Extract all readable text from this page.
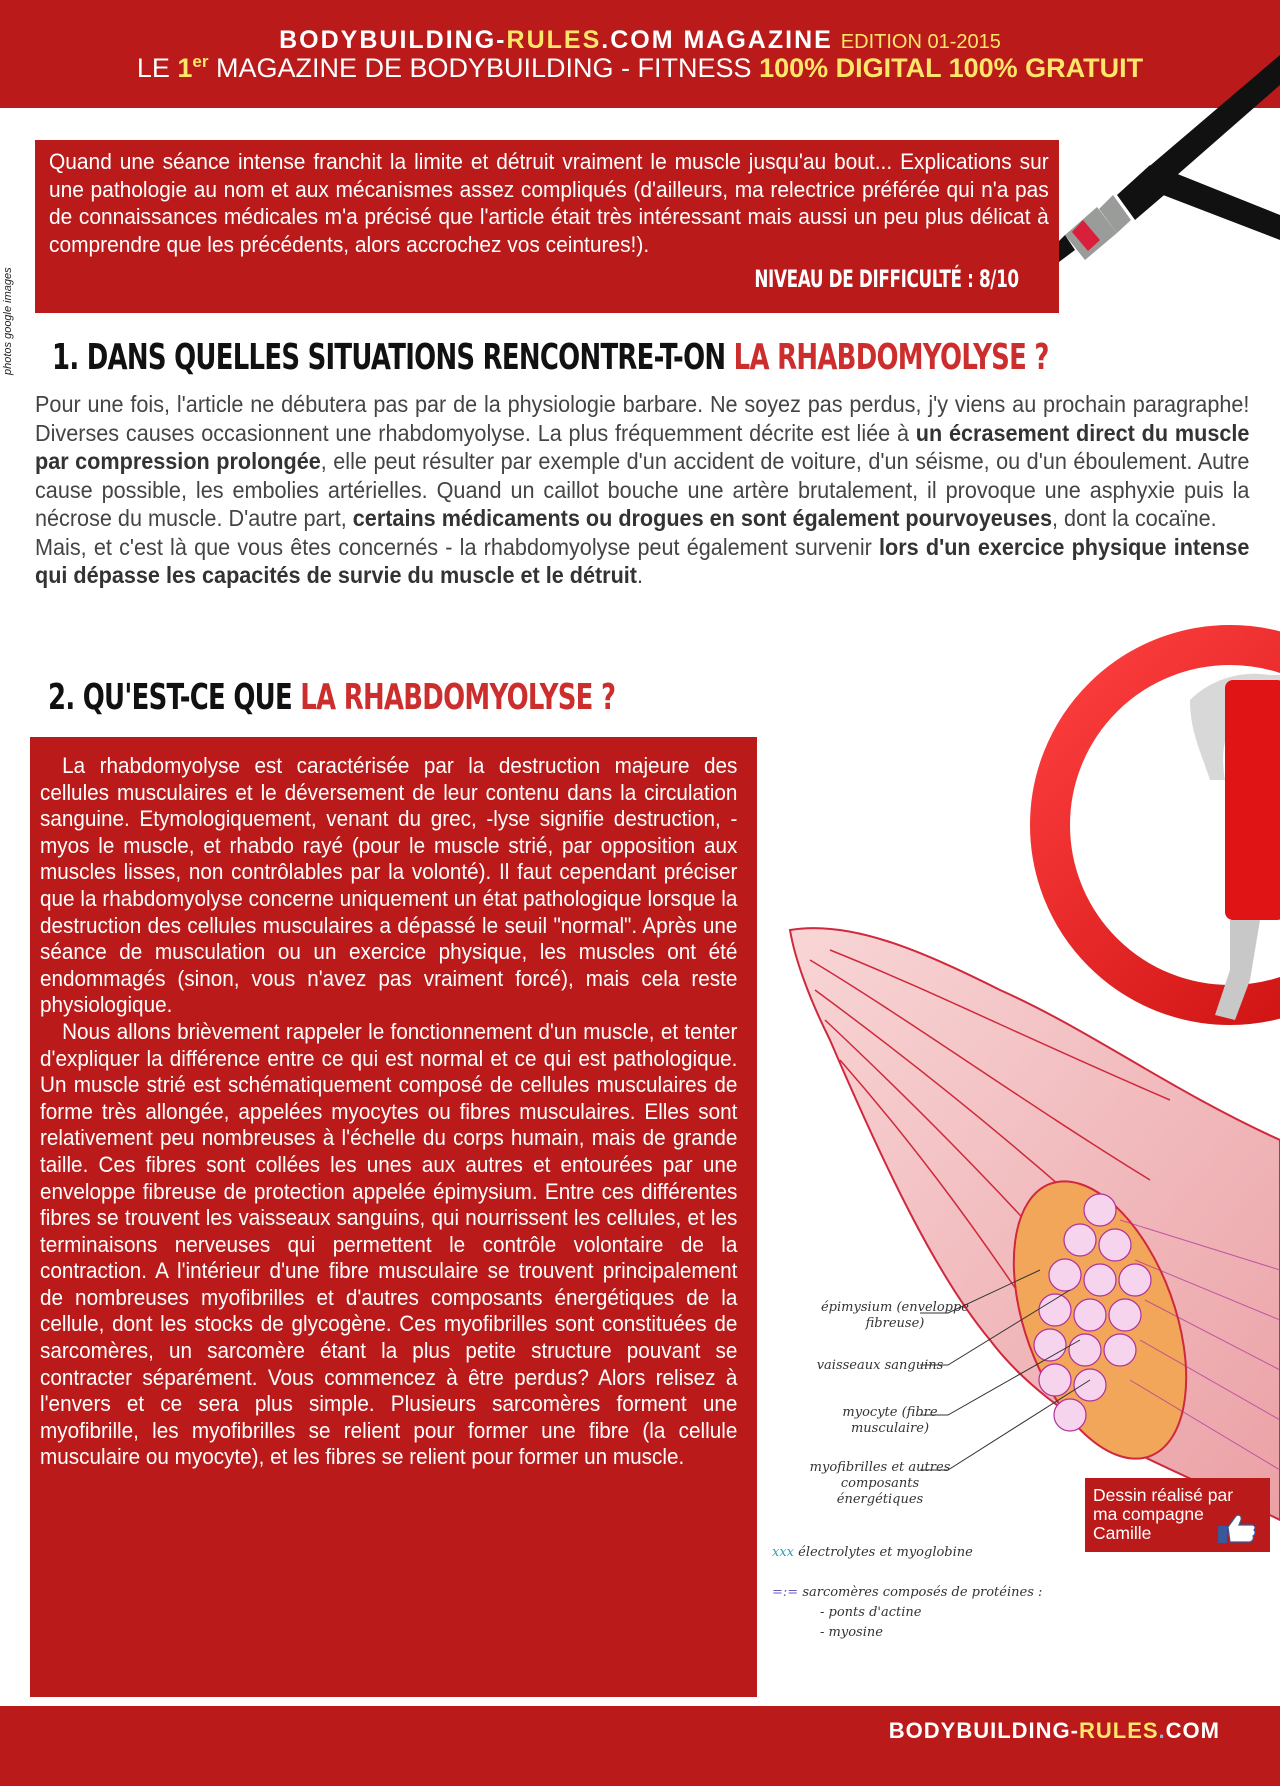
BODYBUILDING-RULES.COM MAGAZINE EDITION 01-2015
LE 1er MAGAZINE DE BODYBUILDING - FITNESS 100% DIGITAL 100% GRATUIT

Quand une séance intense franchit la limite et détruit vraiment le muscle jusqu'au bout... Explications sur une pathologie au nom et aux mécanismes assez compliqués (d'ailleurs, ma relectrice préférée qui n'a pas de connaissances médicales m'a précisé que l'article était très intéressant mais aussi un peu plus délicat à comprendre que les précédents, alors accrochez vos ceintures!).

NIVEAU DE DIFFICULTÉ : 8/10
photos google images 1. DANS QUELLES SITUATIONS RENCONTRE-T-ON LA RHABDOMYOLYSE ?

Pour une fois, l'article ne débutera pas par de la physiologie barbare. Ne soyez pas perdus, j'y viens au prochain paragraphe! Diverses causes occasionnent une rhabdomyolyse. La plus fréquemment décrite est liée à un écrasement direct du muscle par compression prolongée, elle peut résulter par exemple d'un accident de voiture, d'un séisme, ou d'un éboulement. Autre cause possible, les embolies artérielles. Quand un caillot bouche une artère brutalement, il provoque une asphyxie puis la nécrose du muscle. D'autre part, certains médicaments ou drogues en sont également pourvoyeuses, dont la cocaïne.

Mais, et c'est là que vous êtes concernés - la rhabdomyolyse peut également survenir lors d'un exercice physique intense qui dépasse les capacités de survie du muscle et le détruit.

épimysium (enveloppe fibreuse)
vaisseaux sanguins
myocyte (fibre musculaire)
myofibrilles et autres composants énergétiques
xxx électrolytes et myoglobine
=:= sarcomères composés de protéines :
- ponts d'actine
- myosine
Dessin réalisé par ma compagne Camille
2. QU'EST-CE QUE LA RHABDOMYOLYSE ?

La rhabdomyolyse est caractérisée par la destruction majeure des cellules musculaires et le déversement de leur contenu dans la circulation sanguine. Etymologiquement, venant du grec, -lyse signifie destruction, -myos le muscle, et rhabdo rayé (pour le muscle strié, par opposition aux muscles lisses, non contrôlables par la volonté). Il faut cependant préciser que la rhabdomyolyse concerne uniquement un état pathologique lorsque la destruction des cellules musculaires a dépassé le seuil "normal". Après une séance de musculation ou un exercice physique, les muscles ont été endommagés (sinon, vous n'avez pas vraiment forcé), mais cela reste physiologique.

Nous allons brièvement rappeler le fonctionnement d'un muscle, et tenter d'expliquer la différence entre ce qui est normal et ce qui est pathologique. Un muscle strié est schématiquement composé de cellules musculaires de forme très allongée, appelées myocytes ou fibres musculaires. Elles sont relativement peu nombreuses à l'échelle du corps humain, mais de grande taille. Ces fibres sont collées les unes aux autres et entourées par une enveloppe fibreuse de protection appelée épimysium. Entre ces différentes fibres se trouvent les vaisseaux sanguins, qui nourrissent les cellules, et les terminaisons nerveuses qui permettent le contrôle volontaire de la contraction. A l'intérieur d'une fibre musculaire se trouvent principalement de nombreuses myofibrilles et d'autres composants énergétiques de la cellule, dont les stocks de glycogène. Ces myofibrilles sont constituées de sarcomères, un sarcomère étant la plus petite structure pouvant se contracter séparément. Vous commencez à être perdus? Alors relisez à l'envers et ce sera plus simple. Plusieurs sarcomères forment une myofibrille, les myofibrilles se relient pour former une fibre (la cellule musculaire ou myocyte), et les fibres se relient pour former un muscle.

BODYBUILDING-RULES.COM
